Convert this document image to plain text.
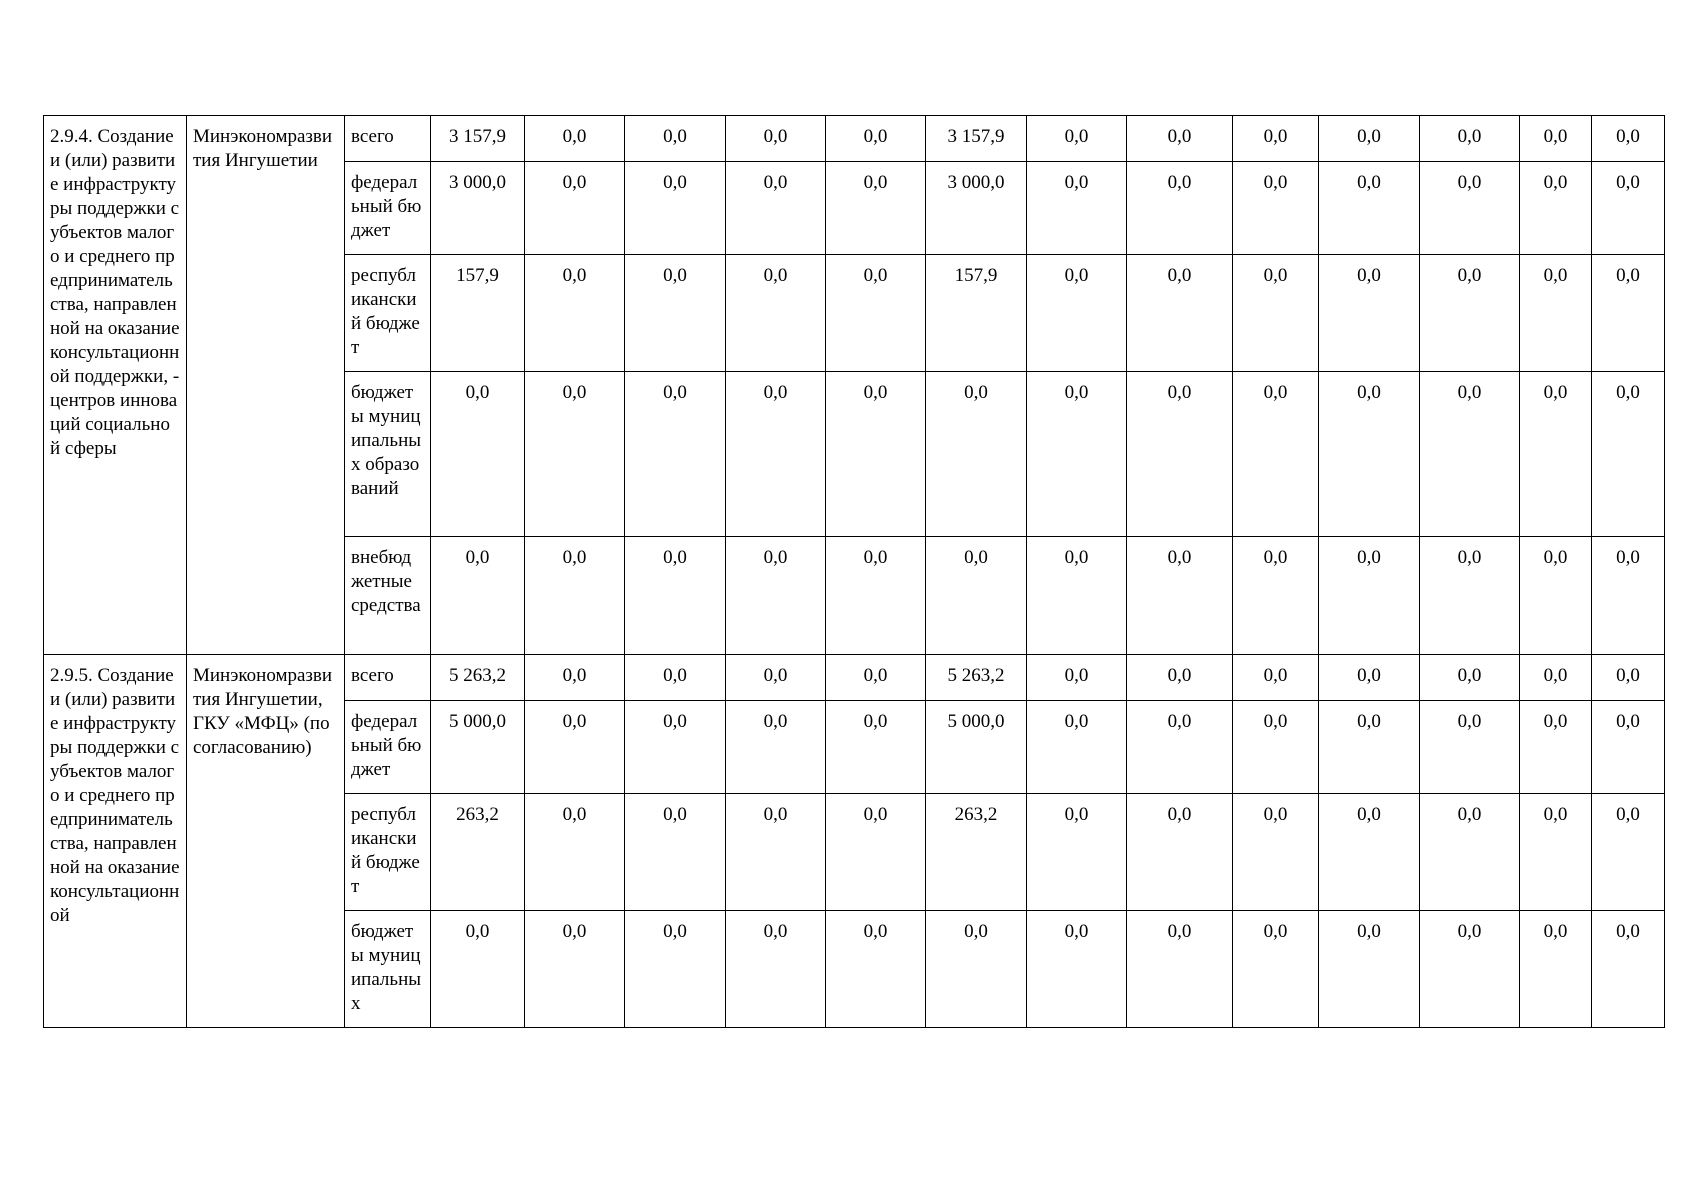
2.9.4. Создание и (или) развитие инфраструктуры поддержки субъектов малого и среднего предпринимательства, направленной на оказание консультационной поддержки, - центров инноваций социальной сферы	Минэкономразвития Ингушетии	всего	3 157,9	0,0	0,0	0,0	0,0	3 157,9	0,0	0,0	0,0	0,0	0,0	0,0	0,0
		федеральный бюджет	3 000,0	0,0	0,0	0,0	0,0	3 000,0	0,0	0,0	0,0	0,0	0,0	0,0	0,0
		республиканский бюджет	157,9	0,0	0,0	0,0	0,0	157,9	0,0	0,0	0,0	0,0	0,0	0,0	0,0
		бюджеты муниципальных образований	0,0	0,0	0,0	0,0	0,0	0,0	0,0	0,0	0,0	0,0	0,0	0,0	0,0
		внебюджетные средства	0,0	0,0	0,0	0,0	0,0	0,0	0,0	0,0	0,0	0,0	0,0	0,0	0,0
2.9.5. Создание и (или) развитие инфраструктуры поддержки субъектов малого и среднего предпринимательства, направленной на оказание консультационной	Минэкономразвития Ингушетии, ГКУ «МФЦ» (по согласованию)	всего	5 263,2	0,0	0,0	0,0	0,0	5 263,2	0,0	0,0	0,0	0,0	0,0	0,0	0,0
		федеральный бюджет	5 000,0	0,0	0,0	0,0	0,0	5 000,0	0,0	0,0	0,0	0,0	0,0	0,0	0,0
		республиканский бюджет	263,2	0,0	0,0	0,0	0,0	263,2	0,0	0,0	0,0	0,0	0,0	0,0	0,0
		бюджеты муниципальных	0,0	0,0	0,0	0,0	0,0	0,0	0,0	0,0	0,0	0,0	0,0	0,0	0,0
